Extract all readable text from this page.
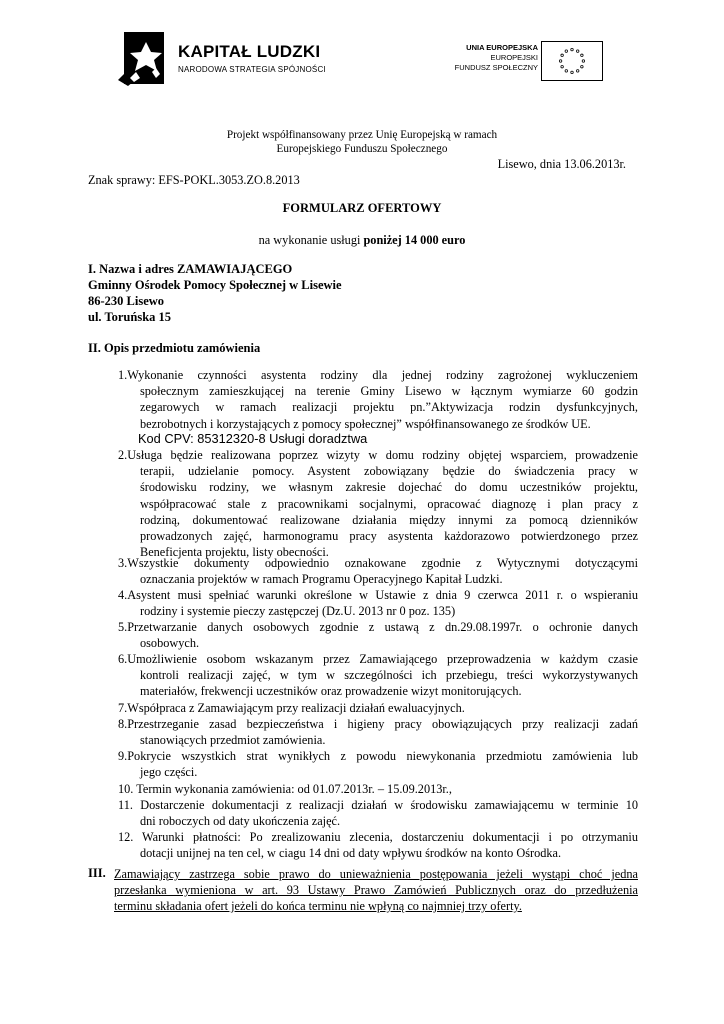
KAPITAŁ LUDZKI
NARODOWA STRATEGIA SPÓJNOŚCI
UNIA EUROPEJSKA
EUROPEJSKI
FUNDUSZ SPOŁECZNY
Projekt współfinansowany przez Unię Europejską w ramach
Europejskiego Funduszu Społecznego
Lisewo, dnia 13.06.2013r.
Znak sprawy: EFS-POKL.3053.ZO.8.2013
FORMULARZ OFERTOWY
na wykonanie usługi poniżej 14 000 euro
I. Nazwa i adres ZAMAWIAJĄCEGO
Gminny Ośrodek Pomocy Społecznej w Lisewie
86-230 Lisewo
ul. Toruńska 15
II. Opis przedmiotu zamówienia
1.Wykonanie czynności asystenta rodziny dla jednej rodziny zagrożonej wykluczeniem
społecznym zamieszkującej na terenie Gminy Lisewo w łącznym wymiarze 60 godzin
zegarowych w ramach realizacji projektu pn.”Aktywizacja rodzin dysfunkcyjnych,
bezrobotnych i korzystających z pomocy społecznej” współfinansowanego ze środków UE.
2.Usługa będzie realizowana poprzez wizyty w domu rodziny objętej wsparciem, prowadzenie
terapii, udzielanie pomocy. Asystent zobowiązany będzie do świadczenia pracy w
środowisku rodziny, we własnym zakresie dojechać do domu uczestników projektu,
współpracować stale z pracownikami socjalnymi, opracować diagnozę i plan pracy z
rodziną, dokumentować realizowane działania między innymi za pomocą dzienników
prowadzonych zajęć, harmonogramu pracy asystenta każdorazowo potwierdzonego przez
Beneficjenta projektu, listy obecności.
3.Wszystkie dokumenty odpowiednio oznakowane zgodnie z Wytycznymi dotyczącymi
oznaczania projektów w ramach Programu Operacyjnego Kapitał Ludzki.
4.Asystent musi spełniać warunki określone w Ustawie z dnia 9 czerwca 2011 r. o wspieraniu
rodziny i systemie pieczy zastępczej (Dz.U. 2013 nr 0 poz. 135)
5.Przetwarzanie danych osobowych zgodnie z ustawą z dn.29.08.1997r. o ochronie danych
osobowych.
6.Umożliwienie osobom wskazanym przez Zamawiającego przeprowadzenia w każdym czasie
kontroli realizacji zajęć, w tym w szczególności ich przebiegu, treści wykorzystywanych
materiałów, frekwencji uczestników oraz prowadzenie wizyt monitorujących.
7.Współpraca z Zamawiającym przy realizacji działań ewaluacyjnych.
8.Przestrzeganie zasad bezpieczeństwa i higieny pracy obowiązujących przy realizacji zadań
stanowiących przedmiot zamówienia.
9.Pokrycie wszystkich strat wynikłych z powodu niewykonania przedmiotu zamówienia lub
jego części.
10. Termin wykonania zamówienia: od 01.07.2013r. – 15.09.2013r.,
11. Dostarczenie dokumentacji z realizacji działań w środowisku zamawiającemu w terminie 10
dni roboczych od daty ukończenia zajęć.
12. Warunki płatności: Po zrealizowaniu zlecenia, dostarczeniu dokumentacji i po otrzymaniu
dotacji unijnej na ten cel, w ciagu 14 dni od daty wpływu środków na konto Ośrodka.
Kod CPV: 85312320-8 Usługi doradztwa
III. Zamawiający zastrzega sobie prawo do unieważnienia postępowania jeżeli wystąpi choć jedna
przesłanka wymieniona w art. 93 Ustawy Prawo Zamówień Publicznych oraz do przedłużenia
terminu składania ofert jeżeli do końca terminu nie wpłyną co najmniej trzy oferty.
